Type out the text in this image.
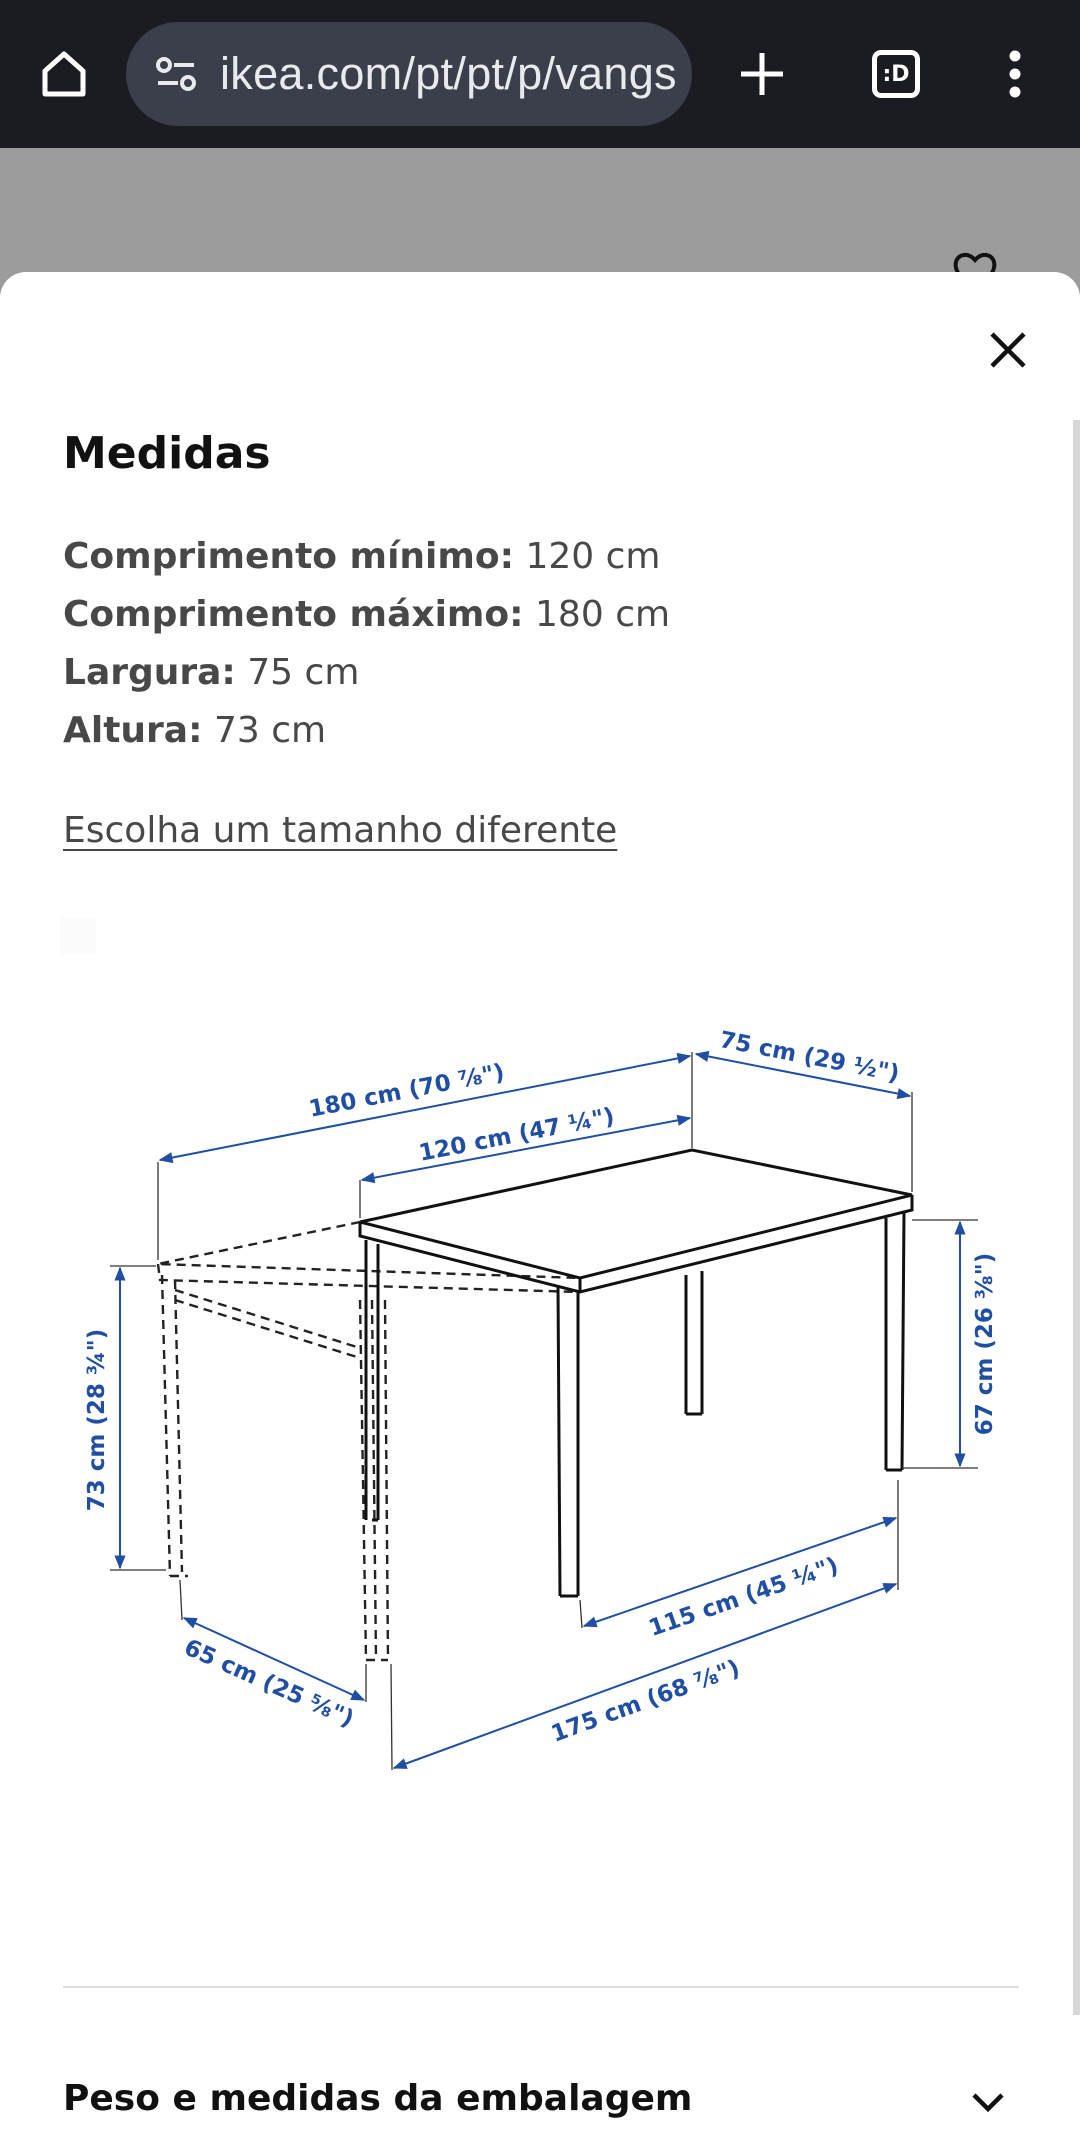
ikea.com/pt/pt/p/vangs	:D
Medidas
Comprimento mínimo: 120 cm
Comprimento máximo: 180 cm
Largura: 75 cm
Altura: 73 cm
Escolha um tamanho diferente
180 cm (70 ⅞")
120 cm (47 ¼")
75 cm (29 ½")
73 cm (28 ¾")	67 cm (26 ⅜")
115 cm (45 ¼")
175 cm (68 ⅞")
65 cm (25 ⅝")
Peso e medidas da embalagem
